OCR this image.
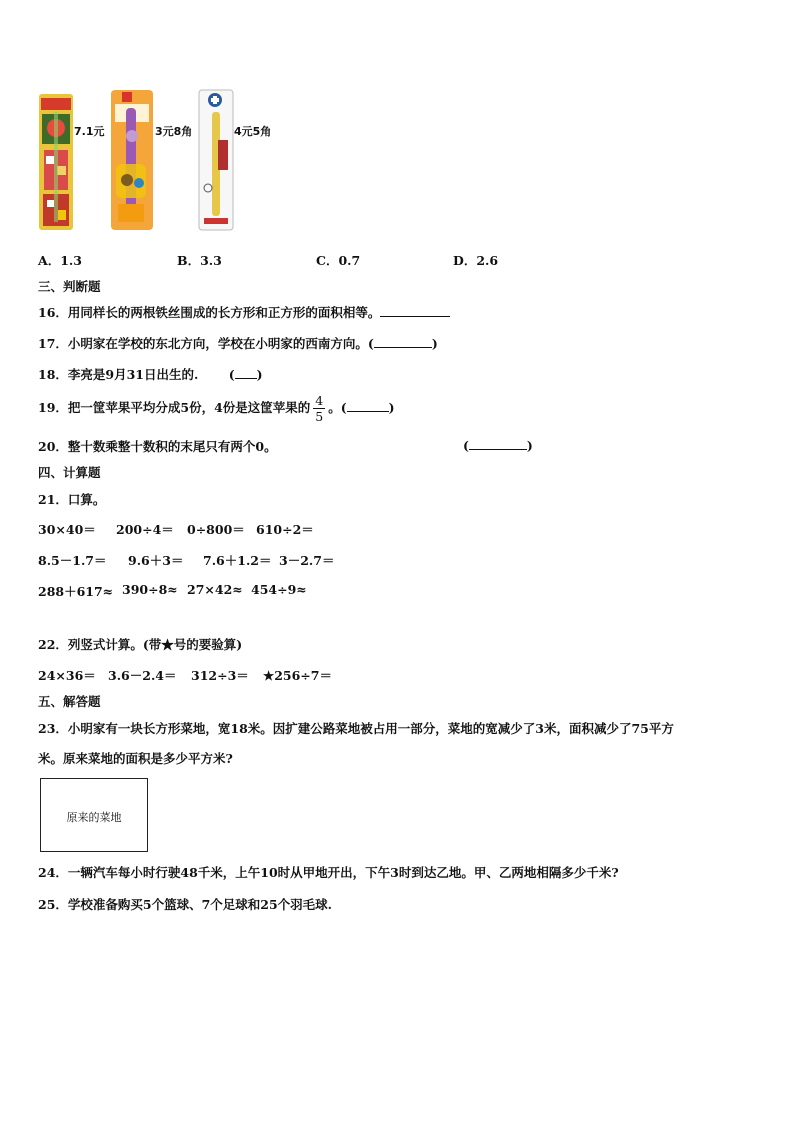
7.1元	3元8角	4元5角
A．1.3	B．3.3	C．0.7	D．2.6
三、判断题
16．用同样长的两根铁丝围成的长方形和正方形的面积相等。
17．小明家在学校的东北方向，学校在小明家的西南方向。(	)
18．李亮是9月31日出生的. ( )
19．把一筐苹果平均分成5份，4份是这筐苹果的 $\frac{4}{5}$ 。(	)
20．整十数乘整十数积的末尾只有两个0。	(	)
四、计算题
21．口算。
30×40＝ 200÷4＝ 0÷800＝ 610÷2＝
8.5－1.7＝ 9.6＋3＝ 7.6＋1.2＝ 3－2.7＝
288＋617≈ 390÷8≈ 27×42≈ 454÷9≈
22．列竖式计算。(带★号的要验算)
24×36＝ 3.6－2.4＝ 312÷3＝ ★256÷7＝
五、解答题
23．小明家有一块长方形菜地，宽18米。因扩建公路菜地被占用一部分，菜地的宽减少了3米，面积减少了75平方
米。原来菜地的面积是多少平方米?
原来的菜地
24．一辆汽车每小时行驶48千米，上午10时从甲地开出，下午3时到达乙地。甲、乙两地相隔多少千米?
25．学校准备购买5个篮球、7个足球和25个羽毛球.
